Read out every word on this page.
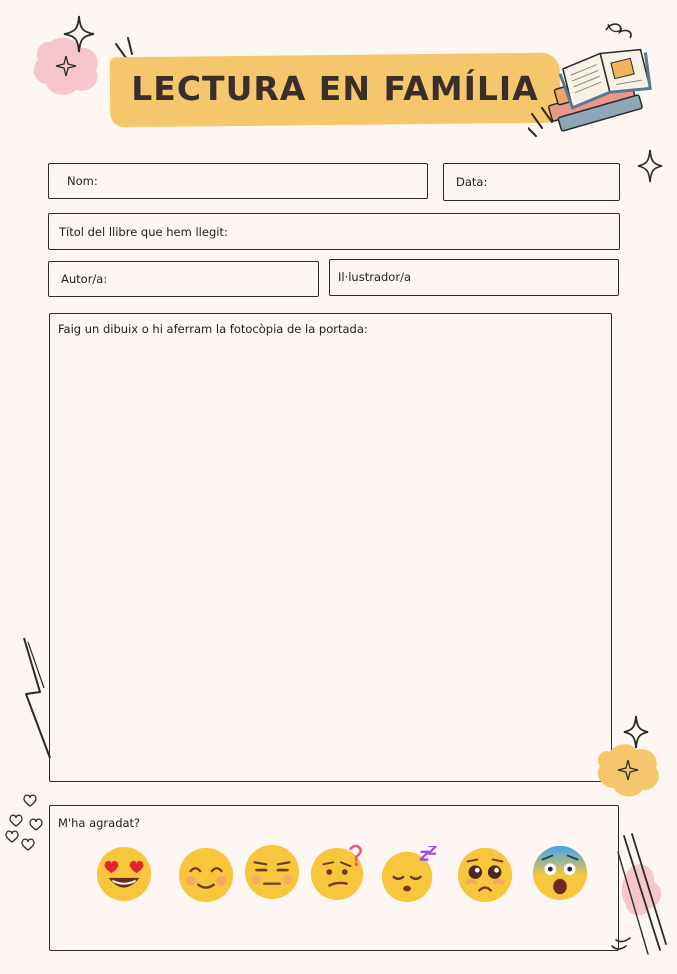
LECTURA EN FAMÍLIA
Nom:	Data:
Títol del llibre que hem llegit:
Autor/a:	Il·lustrador/a
Faig un dibuix o hi aferram la fotocòpia de la portada:
M'ha agradat?
